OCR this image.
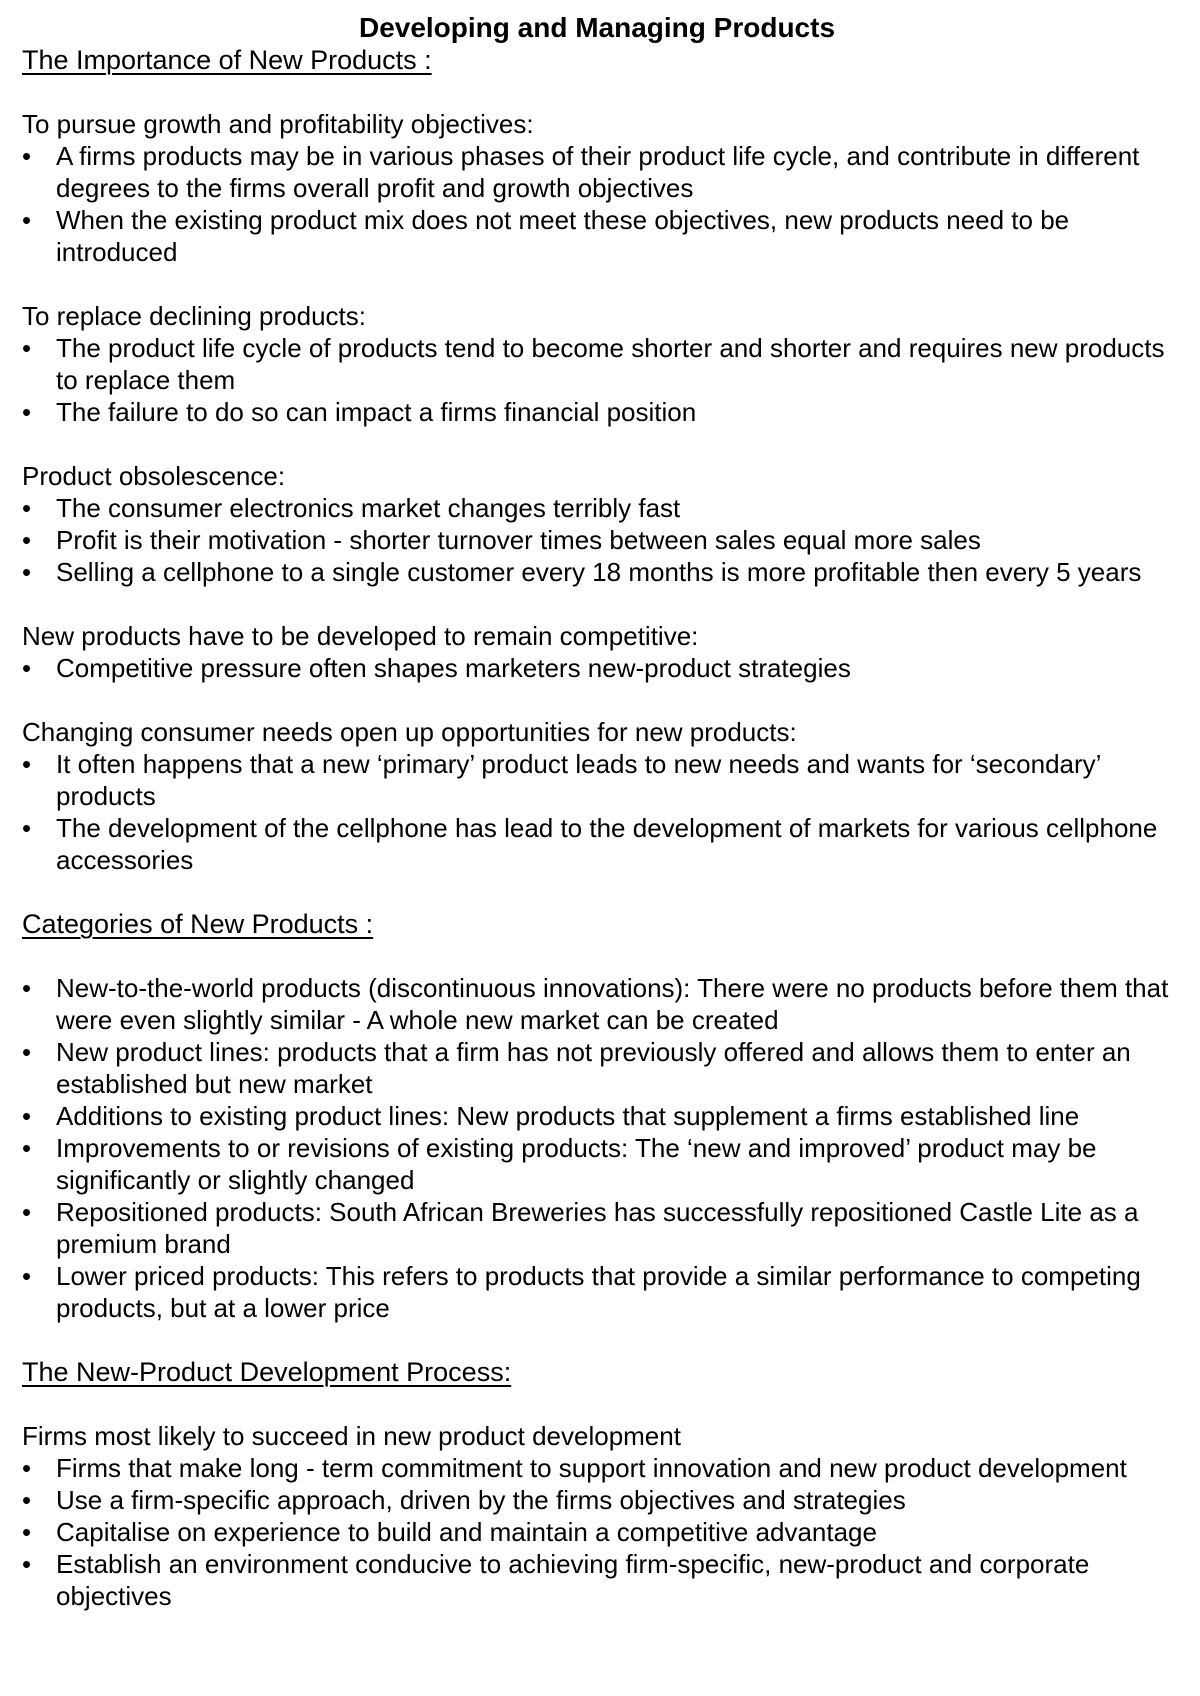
Developing and Managing Products
The Importance of New Products :
To pursue growth and profitability objectives:
• A firms products may be in various phases of their product life cycle, and contribute in different degrees to the firms overall profit and growth objectives
• When the existing product mix does not meet these objectives, new products need to be introduced
To replace declining products:
• The product life cycle of products tend to become shorter and shorter and requires new products to replace them
• The failure to do so can impact a firms financial position
Product obsolescence:
• The consumer electronics market changes terribly fast
• Profit is their motivation - shorter turnover times between sales equal more sales
• Selling a cellphone to a single customer every 18 months is more profitable then every 5 years
New products have to be developed to remain competitive:
• Competitive pressure often shapes marketers new-product strategies
Changing consumer needs open up opportunities for new products:
• It often happens that a new ‘primary’ product leads to new needs and wants for ‘secondary’ products
• The development of the cellphone has lead to the development of markets for various cellphone accessories
Categories of New Products :
• New-to-the-world products (discontinuous innovations): There were no products before them that were even slightly similar - A whole new market can be created
• New product lines: products that a firm has not previously offered and allows them to enter an established but new market
• Additions to existing product lines: New products that supplement a firms established line
• Improvements to or revisions of existing products: The ‘new and improved’ product may be significantly or slightly changed
• Repositioned products: South African Breweries has successfully repositioned Castle Lite as a premium brand
• Lower priced products: This refers to products that provide a similar performance to competing products, but at a lower price
The New-Product Development Process:
Firms most likely to succeed in new product development
• Firms that make long - term commitment to support innovation and new product development
• Use a firm-specific approach, driven by the firms objectives and strategies
• Capitalise on experience to build and maintain a competitive advantage
• Establish an environment conducive to achieving firm-specific, new-product and corporate objectives
